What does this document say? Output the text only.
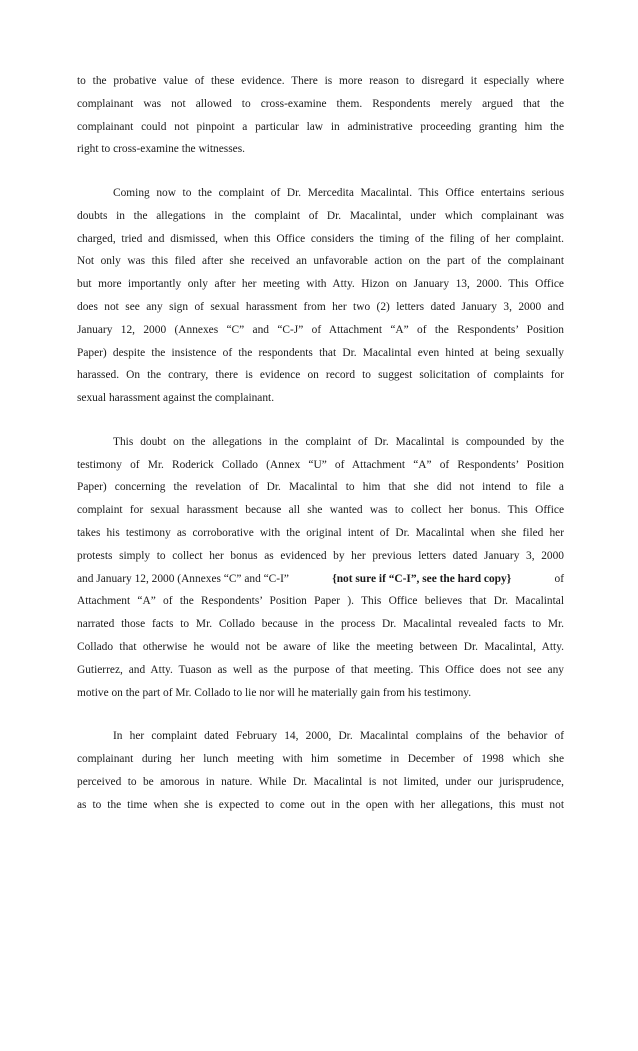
to the probative value of these evidence. There is more reason to disregard it especially where
complainant was not allowed to cross-examine them. Respondents merely argued that the
complainant could not pinpoint a particular law in administrative proceeding granting him the
right to cross-examine the witnesses.
Coming now to the complaint of Dr. Mercedita Macalintal. This Office entertains serious
doubts in the allegations in the complaint of Dr. Macalintal, under which complainant was
charged, tried and dismissed, when this Office considers the timing of the filing of her complaint.
Not only was this filed after she received an unfavorable action on the part of the complainant
but more importantly only after her meeting with Atty. Hizon on January 13, 2000. This Office
does not see any sign of sexual harassment from her two (2) letters dated January 3, 2000 and
January 12, 2000 (Annexes “C” and “C-J” of Attachment “A” of the Respondents’ Position
Paper) despite the insistence of the respondents that Dr. Macalintal even hinted at being sexually
harassed. On the contrary, there is evidence on record to suggest solicitation of complaints for
sexual harassment against the complainant.
This doubt on the allegations in the complaint of Dr. Macalintal is compounded by the
testimony of Mr. Roderick Collado (Annex “U” of Attachment “A” of Respondents’ Position
Paper) concerning the revelation of Dr. Macalintal to him that she did not intend to file a
complaint for sexual harassment because all she wanted was to collect her bonus. This Office
takes his testimony as corroborative with the original intent of Dr. Macalintal when she filed her
protests simply to collect her bonus as evidenced by her previous letters dated January 3, 2000
and January 12, 2000 (Annexes “C” and “C-I”	{not sure if “C-I”, see the hard copy}	of
Attachment “A” of the Respondents’ Position Paper ). This Office believes that Dr. Macalintal
narrated those facts to Mr. Collado because in the process Dr. Macalintal revealed facts to Mr.
Collado that otherwise he would not be aware of like the meeting between Dr. Macalintal, Atty.
Gutierrez, and Atty. Tuason as well as the purpose of that meeting. This Office does not see any
motive on the part of Mr. Collado to lie nor will he materially gain from his testimony.
In her complaint dated February 14, 2000, Dr. Macalintal complains of the behavior of
complainant during her lunch meeting with him sometime in December of 1998 which she
perceived to be amorous in nature. While Dr. Macalintal is not limited, under our jurisprudence,
as to the time when she is expected to come out in the open with her allegations, this must not
